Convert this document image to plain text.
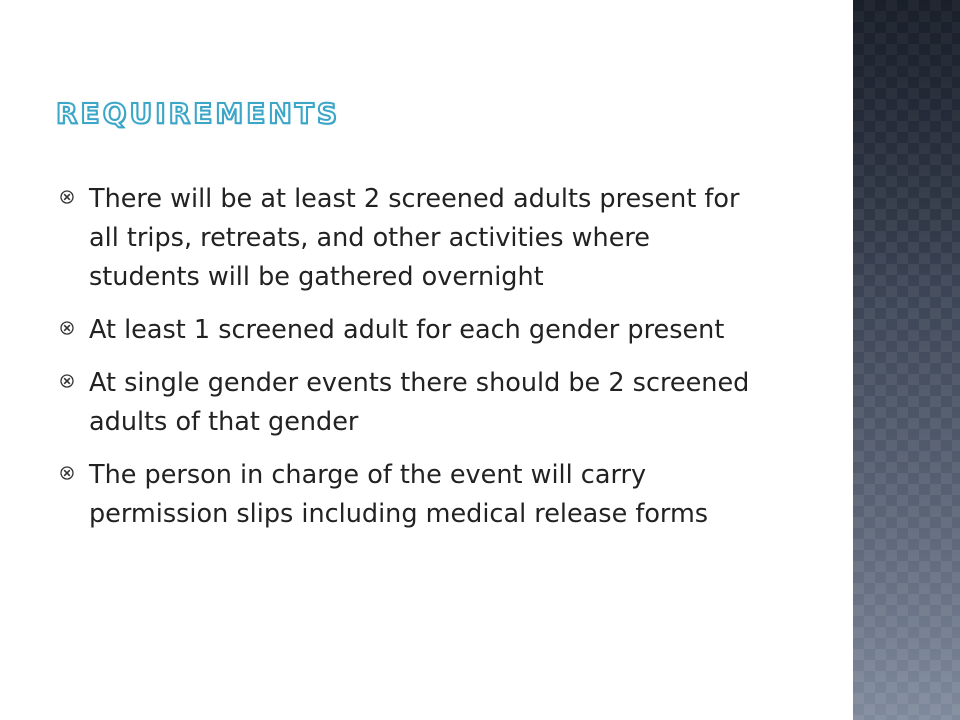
requirements
There will be at least 2 screened adults present for all trips, retreats, and other activities where students will be gathered overnight
At least 1 screened adult for each gender present
At single gender events there should be 2 screened adults of that gender
The person in charge of the event will carry permission slips including medical release forms
